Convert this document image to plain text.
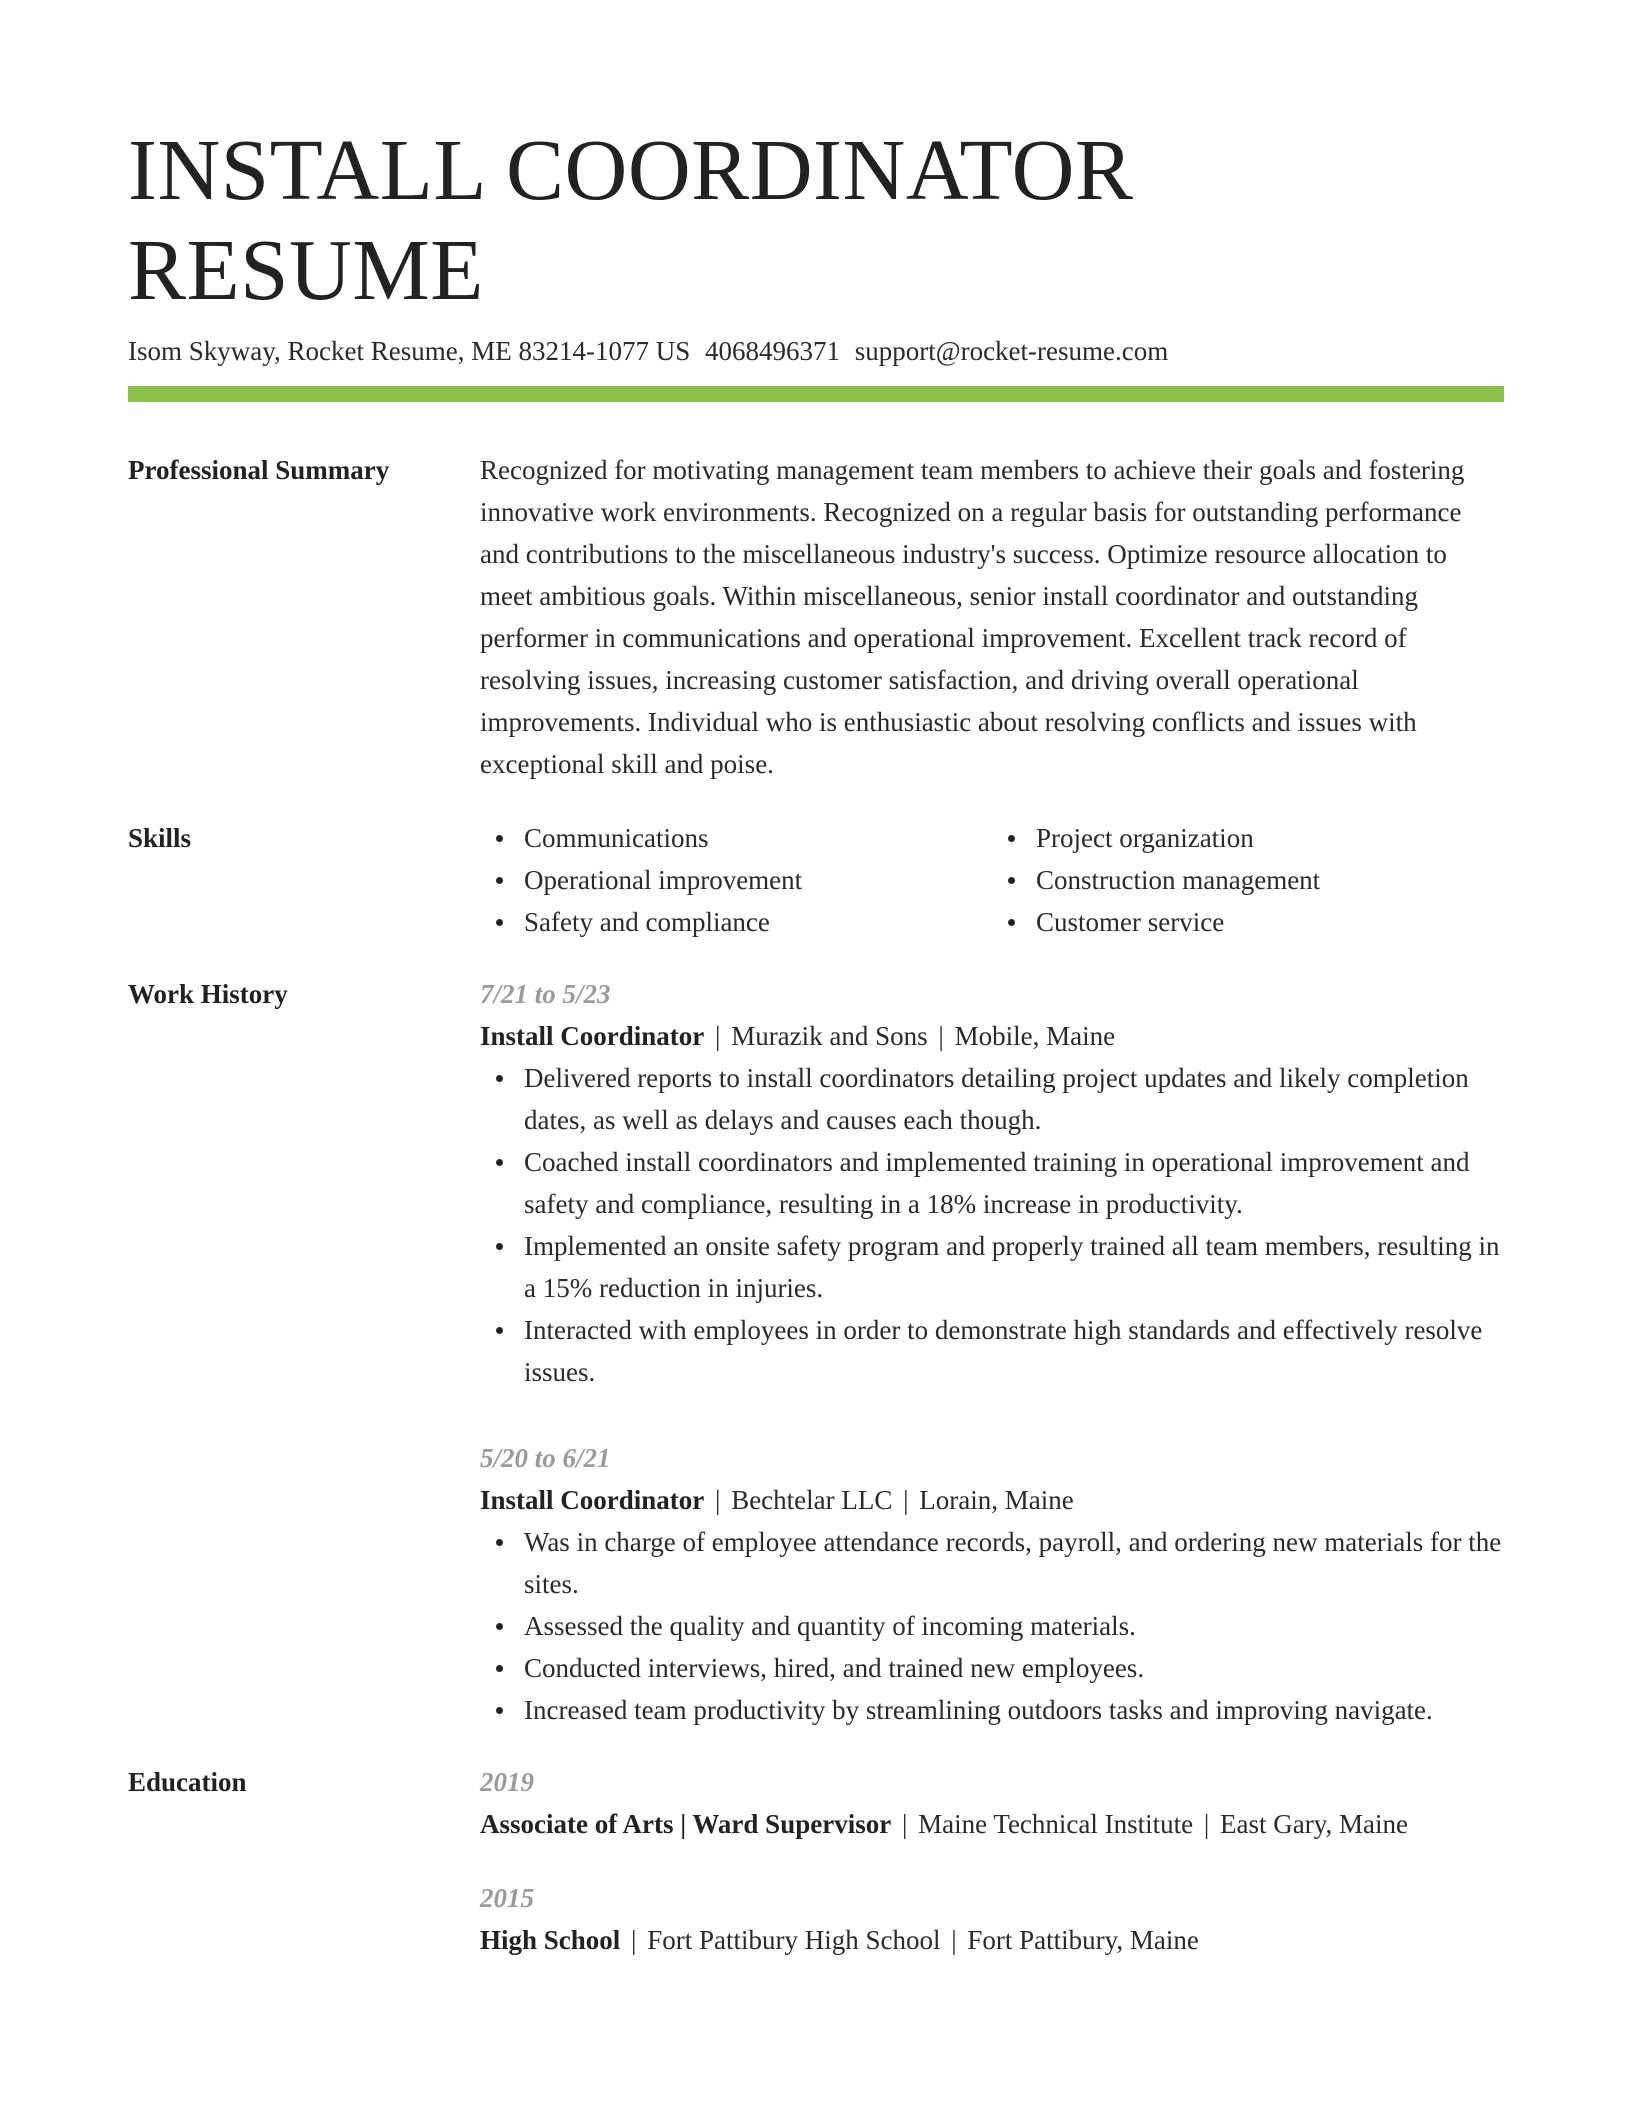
INSTALL COORDINATOR RESUME
Isom Skyway, Rocket Resume, ME 83214-1077 US 4068496371 support@rocket-resume.com
Professional Summary	Recognized for motivating management team members to achieve their goals and fostering innovative work environments. Recognized on a regular basis for outstanding performance and contributions to the miscellaneous industry's success. Optimize resource allocation to meet ambitious goals. Within miscellaneous, senior install coordinator and outstanding performer in communications and operational improvement. Excellent track record of resolving issues, increasing customer satisfaction, and driving overall operational improvements. Individual who is enthusiastic about resolving conflicts and issues with exceptional skill and poise.

Skills	Communications
Operational improvement
Safety and compliance
Project organization
Construction management
Customer service
Work History	7/21 to 5/23
Install Coordinator | Murazik and Sons | Mobile, Maine
Delivered reports to install coordinators detailing project updates and likely completion dates, as well as delays and causes each though.
Coached install coordinators and implemented training in operational improvement and safety and compliance, resulting in a 18% increase in productivity.
Implemented an onsite safety program and properly trained all team members, resulting in a 15% reduction in injuries.
Interacted with employees in order to demonstrate high standards and effectively resolve issues.
5/20 to 6/21
Install Coordinator | Bechtelar LLC | Lorain, Maine
Was in charge of employee attendance records, payroll, and ordering new materials for the sites.
Assessed the quality and quantity of incoming materials.
Conducted interviews, hired, and trained new employees.
Increased team productivity by streamlining outdoors tasks and improving navigate.
Education	2019
Associate of Arts | Ward Supervisor | Maine Technical Institute | East Gary, Maine
2015
High School | Fort Pattibury High School | Fort Pattibury, Maine
